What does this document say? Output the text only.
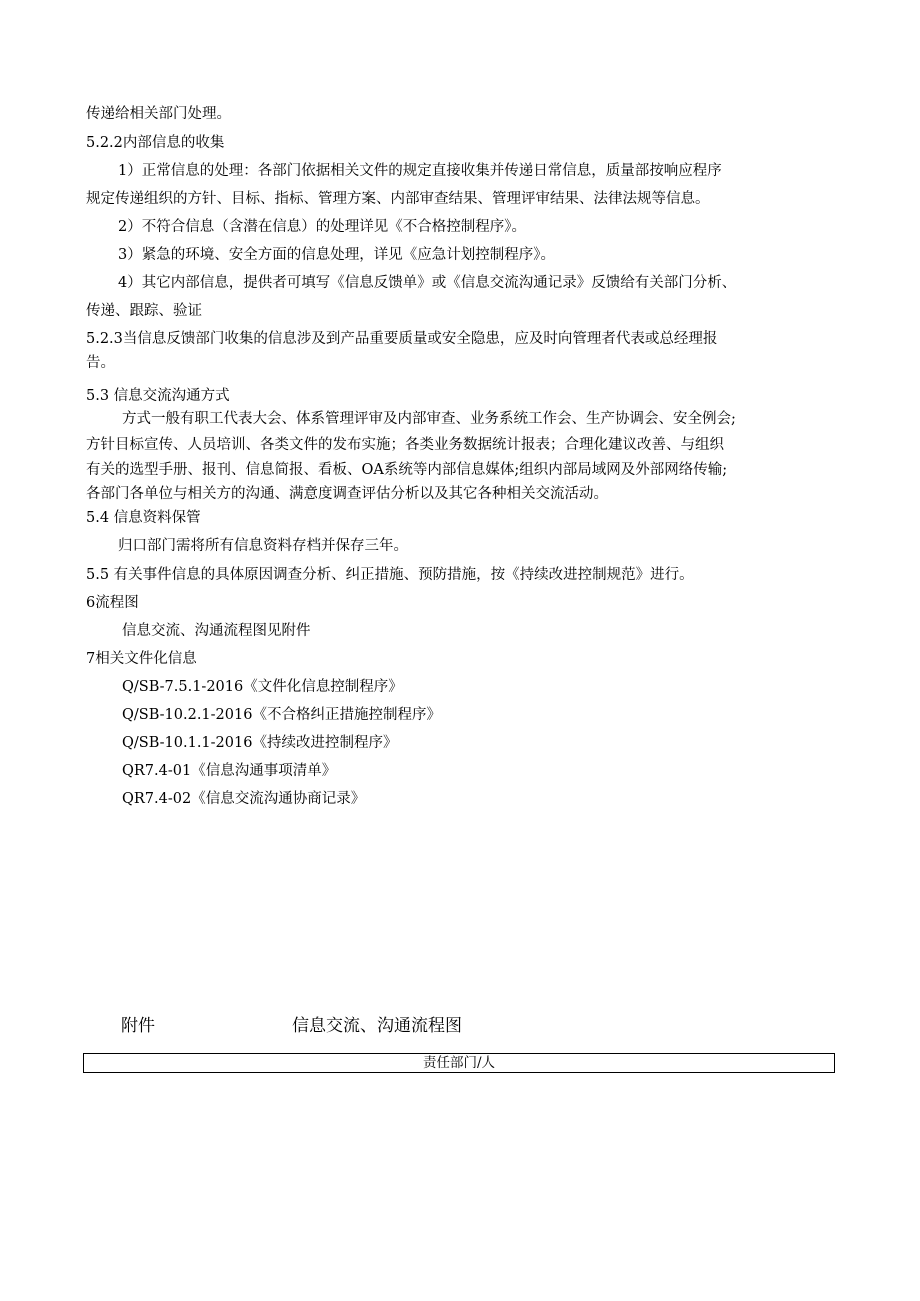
传递给相关部门处理。
5.2.2内部信息的收集
1）正常信息的处理：各部门依据相关文件的规定直接收集并传递日常信息，质量部按响应程序
规定传递组织的方针、目标、指标、管理方案、内部审查结果、管理评审结果、法律法规等信息。
2）不符合信息（含潜在信息）的处理详见《不合格控制程序》。
3）紧急的环境、安全方面的信息处理，详见《应急计划控制程序》。
4）其它内部信息，提供者可填写《信息反馈单》或《信息交流沟通记录》反馈给有关部门分析、
传递、跟踪、验证
5.2.3当信息反馈部门收集的信息涉及到产品重要质量或安全隐患，应及时向管理者代表或总经理报
告。
5.3 信息交流沟通方式
方式一般有职工代表大会、体系管理评审及内部审查、业务系统工作会、生产协调会、安全例会;
方针目标宣传、人员培训、各类文件的发布实施；各类业务数据统计报表；合理化建议改善、与组织
有关的选型手册、报刊、信息简报、看板、OA系统等内部信息媒体;组织内部局域网及外部网络传输;
各部门各单位与相关方的沟通、满意度调查评估分析以及其它各种相关交流活动。
5.4 信息资料保管
归口部门需将所有信息资料存档并保存三年。
5.5 有关事件信息的具体原因调查分析、纠正措施、预防措施，按《持续改进控制规范》进行。
6流程图
信息交流、沟通流程图见附件
7相关文件化信息
Q/SB-7.5.1-2016《文件化信息控制程序》
Q/SB-10.2.1-2016《不合格纠正措施控制程序》
Q/SB-10.1.1-2016《持续改进控制程序》
QR7.4-01《信息沟通事项清单》
QR7.4-02《信息交流沟通协商记录》
附件	信息交流、沟通流程图
责任部门/人
